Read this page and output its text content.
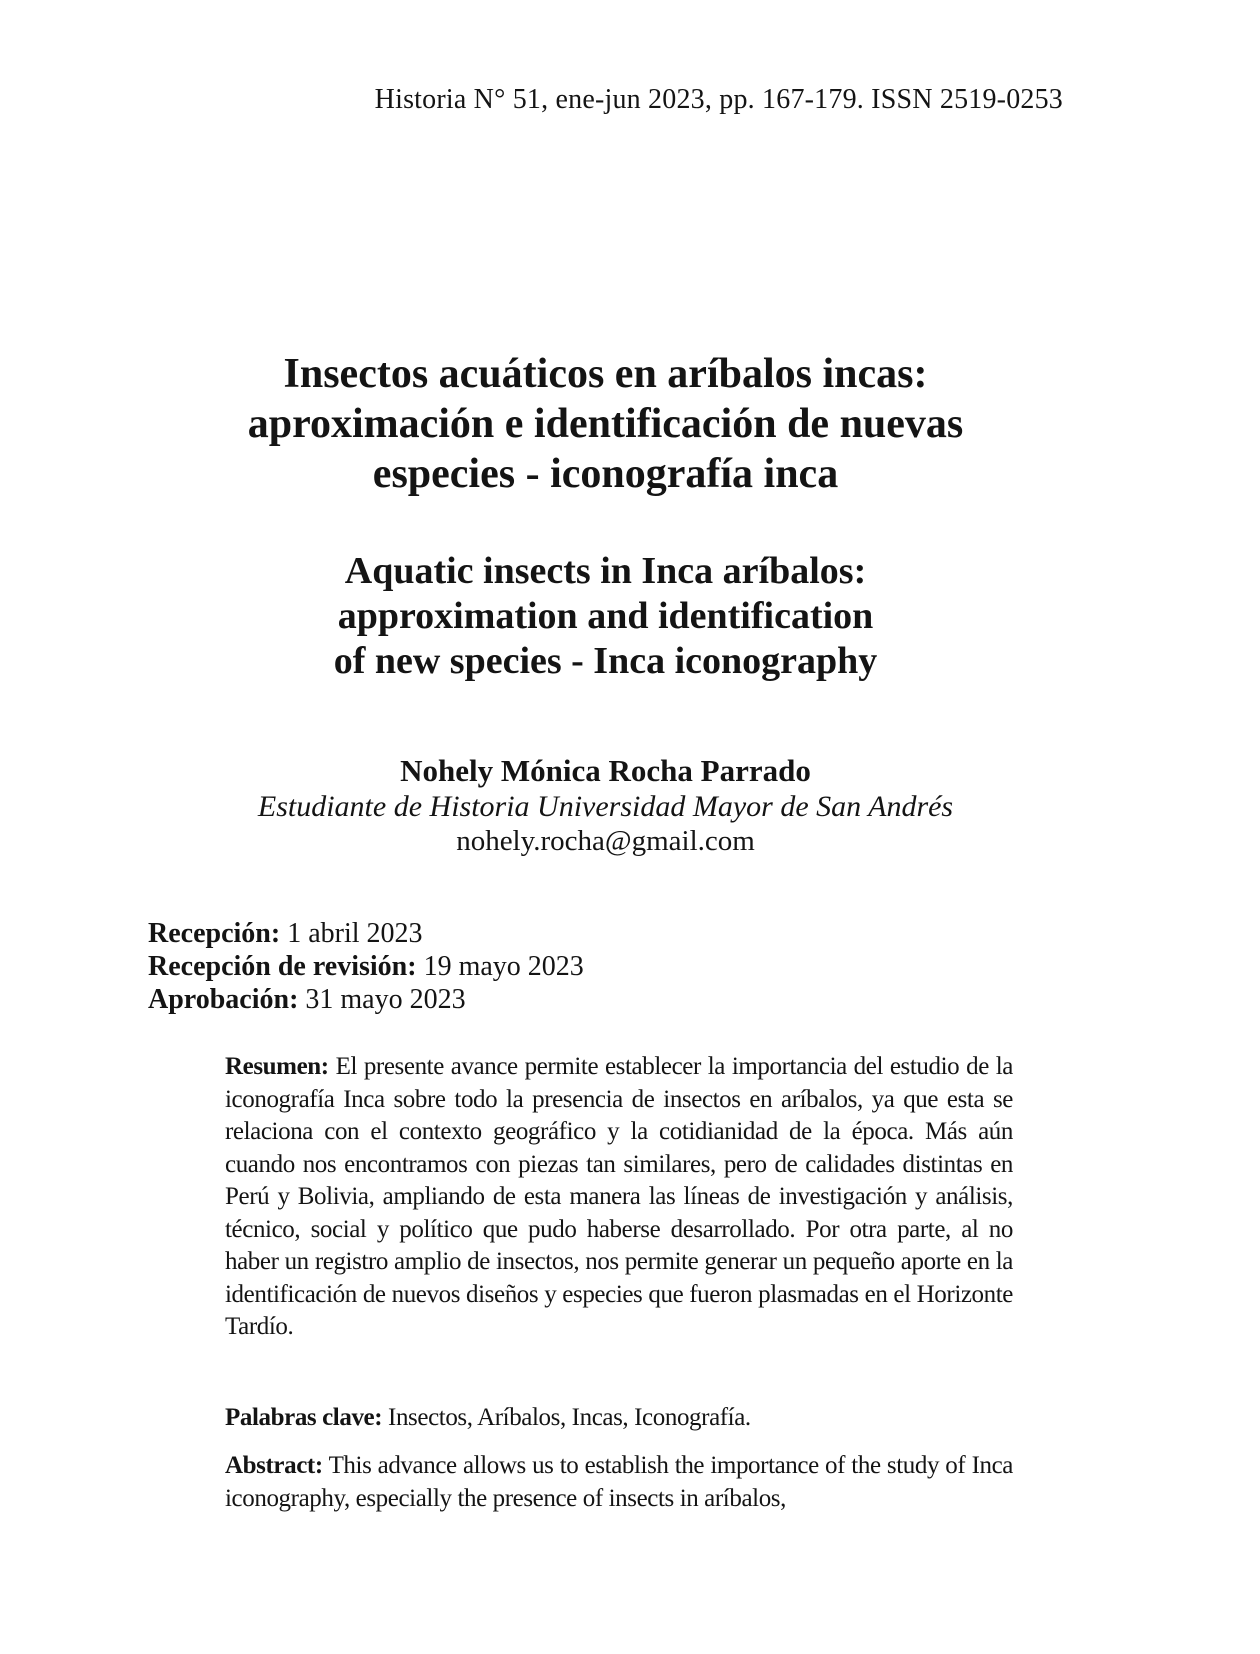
Historia N° 51, ene-jun 2023, pp. 167-179. ISSN 2519-0253
Insectos acuáticos en aríbalos incas:
aproximación e identificación de nuevas
especies - iconografía inca
Aquatic insects in Inca aríbalos:
approximation and identification
of new species - Inca iconography
Nohely Mónica Rocha Parrado
Estudiante de Historia Universidad Mayor de San Andrés
nohely.rocha@gmail.com
Recepción: 1 abril 2023
Recepción de revisión: 19 mayo 2023
Aprobación: 31 mayo 2023

Resumen: El presente avance permite establecer la importancia del estudio de la iconografía Inca sobre todo la presencia de insectos en aríbalos, ya que esta se relaciona con el contexto geográfico y la cotidianidad de la época. Más aún cuando nos encontramos con piezas tan similares, pero de calidades distintas en Perú y Bolivia, ampliando de esta manera las líneas de investigación y análisis, técnico, social y político que pudo haberse desarrollado. Por otra parte, al no haber un registro amplio de insectos, nos permite generar un pequeño aporte en la identificación de nuevos diseños y especies que fueron plasmadas en el Horizonte Tardío.

Palabras clave: Insectos, Aríbalos, Incas, Iconografía.

Abstract: This advance allows us to establish the importance of the study of Inca iconography, especially the presence of insects in aríbalos,
